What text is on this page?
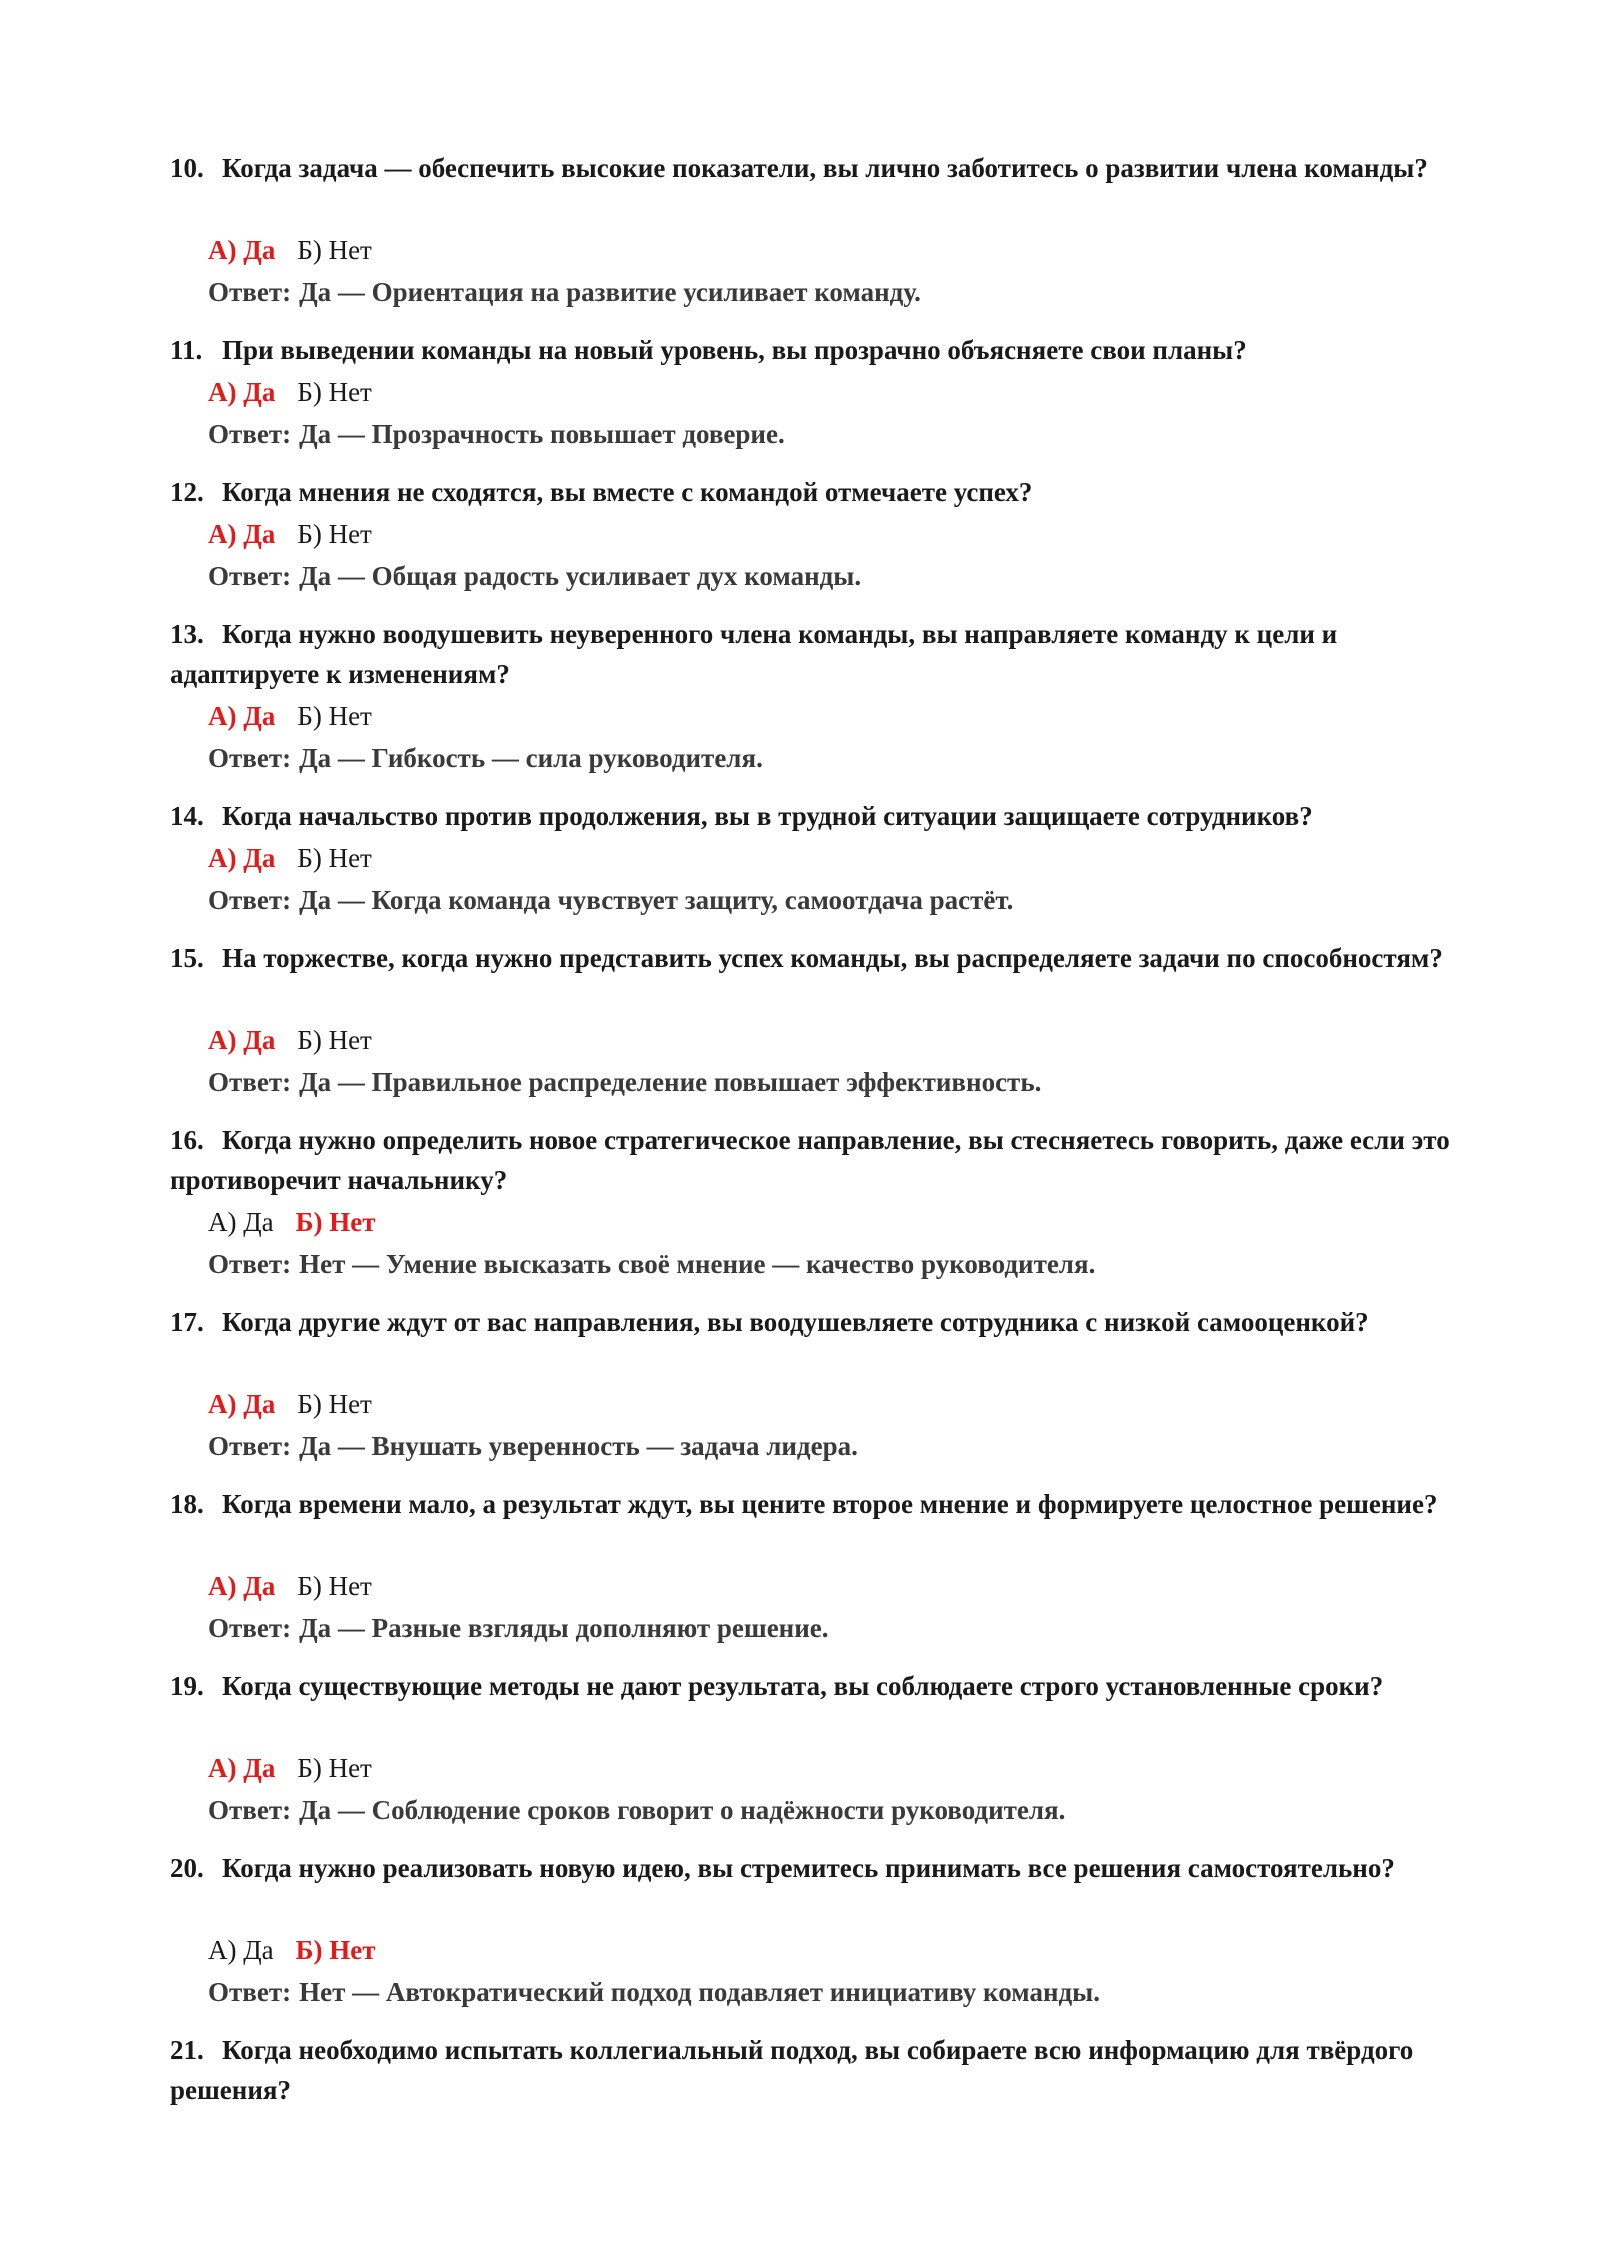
10. Когда задача — обеспечить высокие показатели, вы лично заботитесь о развитии члена команды?

А) Да Б) Нет
Ответ: Да — Ориентация на развитие усиливает команду.

11. При выведении команды на новый уровень, вы прозрачно объясняете свои планы?

А) Да Б) Нет
Ответ: Да — Прозрачность повышает доверие.

12. Когда мнения не сходятся, вы вместе с командой отмечаете успех?

А) Да Б) Нет
Ответ: Да — Общая радость усиливает дух команды.

13. Когда нужно воодушевить неуверенного члена команды, вы направляете команду к цели и адаптируете к изменениям?

А) Да Б) Нет
Ответ: Да — Гибкость — сила руководителя.

14. Когда начальство против продолжения, вы в трудной ситуации защищаете сотрудников?

А) Да Б) Нет
Ответ: Да — Когда команда чувствует защиту, самоотдача растёт.

15. На торжестве, когда нужно представить успех команды, вы распределяете задачи по способностям?

А) Да Б) Нет
Ответ: Да — Правильное распределение повышает эффективность.

16. Когда нужно определить новое стратегическое направление, вы стесняетесь говорить, даже если это противоречит начальнику?

А) Да Б) Нет
Ответ: Нет — Умение высказать своё мнение — качество руководителя.

17. Когда другие ждут от вас направления, вы воодушевляете сотрудника с низкой самооценкой?

А) Да Б) Нет
Ответ: Да — Внушать уверенность — задача лидера.

18. Когда времени мало, а результат ждут, вы цените второе мнение и формируете целостное решение?

А) Да Б) Нет
Ответ: Да — Разные взгляды дополняют решение.

19. Когда существующие методы не дают результата, вы соблюдаете строго установленные сроки?

А) Да Б) Нет
Ответ: Да — Соблюдение сроков говорит о надёжности руководителя.

20. Когда нужно реализовать новую идею, вы стремитесь принимать все решения самостоятельно?

А) Да Б) Нет
Ответ: Нет — Автократический подход подавляет инициативу команды.

21. Когда необходимо испытать коллегиальный подход, вы собираете всю информацию для твёрдого решения?
